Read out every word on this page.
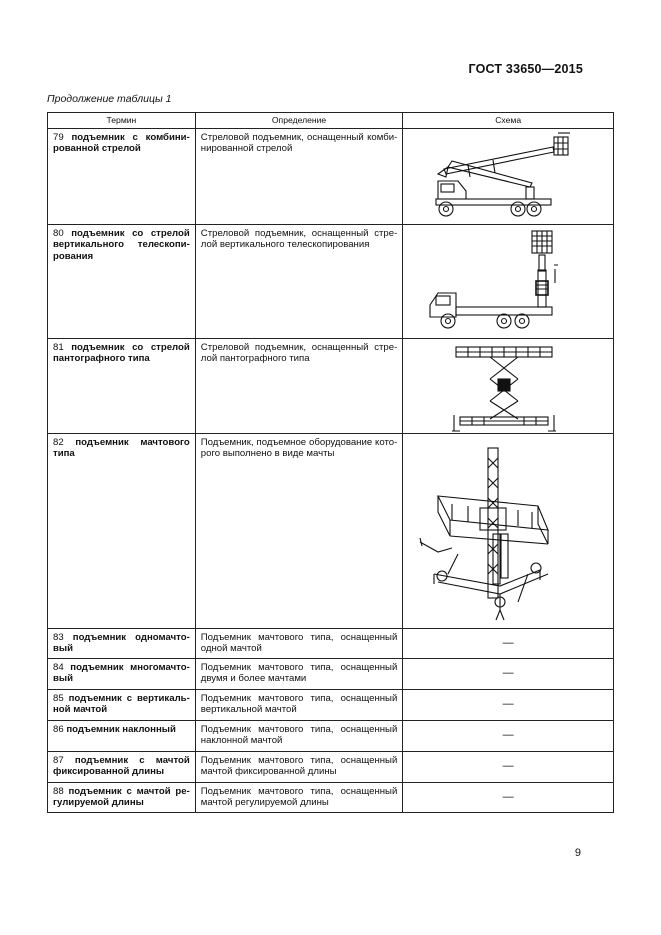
ГОСТ 33650—2015
Продолжение таблицы 1
Термин	Определение	Схема
79 подъемник с комбинированной стрелой	Стреловой подъемник, оснащенный комбинированной стрелой	

80 подъемник со стрелой вертикального телескопирования	Стреловой подъемник, оснащенный стрелой вертикального телескопирования	

81 подъемник со стрелой пантографного типа	Стреловой подъемник, оснащенный стрелой пантографного типа	

82 подъемник мачтового типа	Подъемник, подъемное оборудование которого выполнено в виде мачты	

83 подъемник одномачтовый	Подъемник мачтового типа, оснащенный одной мачтой	—
84 подъемник многомачтовый	Подъемник мачтового типа, оснащенный двумя и более мачтами	—
85 подъемник с вертикальной мачтой	Подъемник мачтового типа, оснащенный вертикальной мачтой	—
86 подъемник наклонный	Подъемник мачтового типа, оснащенный наклонной мачтой	—
87 подъемник с мачтой фиксированной длины	Подъемник мачтового типа, оснащенный мачтой фиксированной длины	—
88 подъемник с мачтой регулируемой длины	Подъемник мачтового типа, оснащенный мачтой регулируемой длины	—
9
